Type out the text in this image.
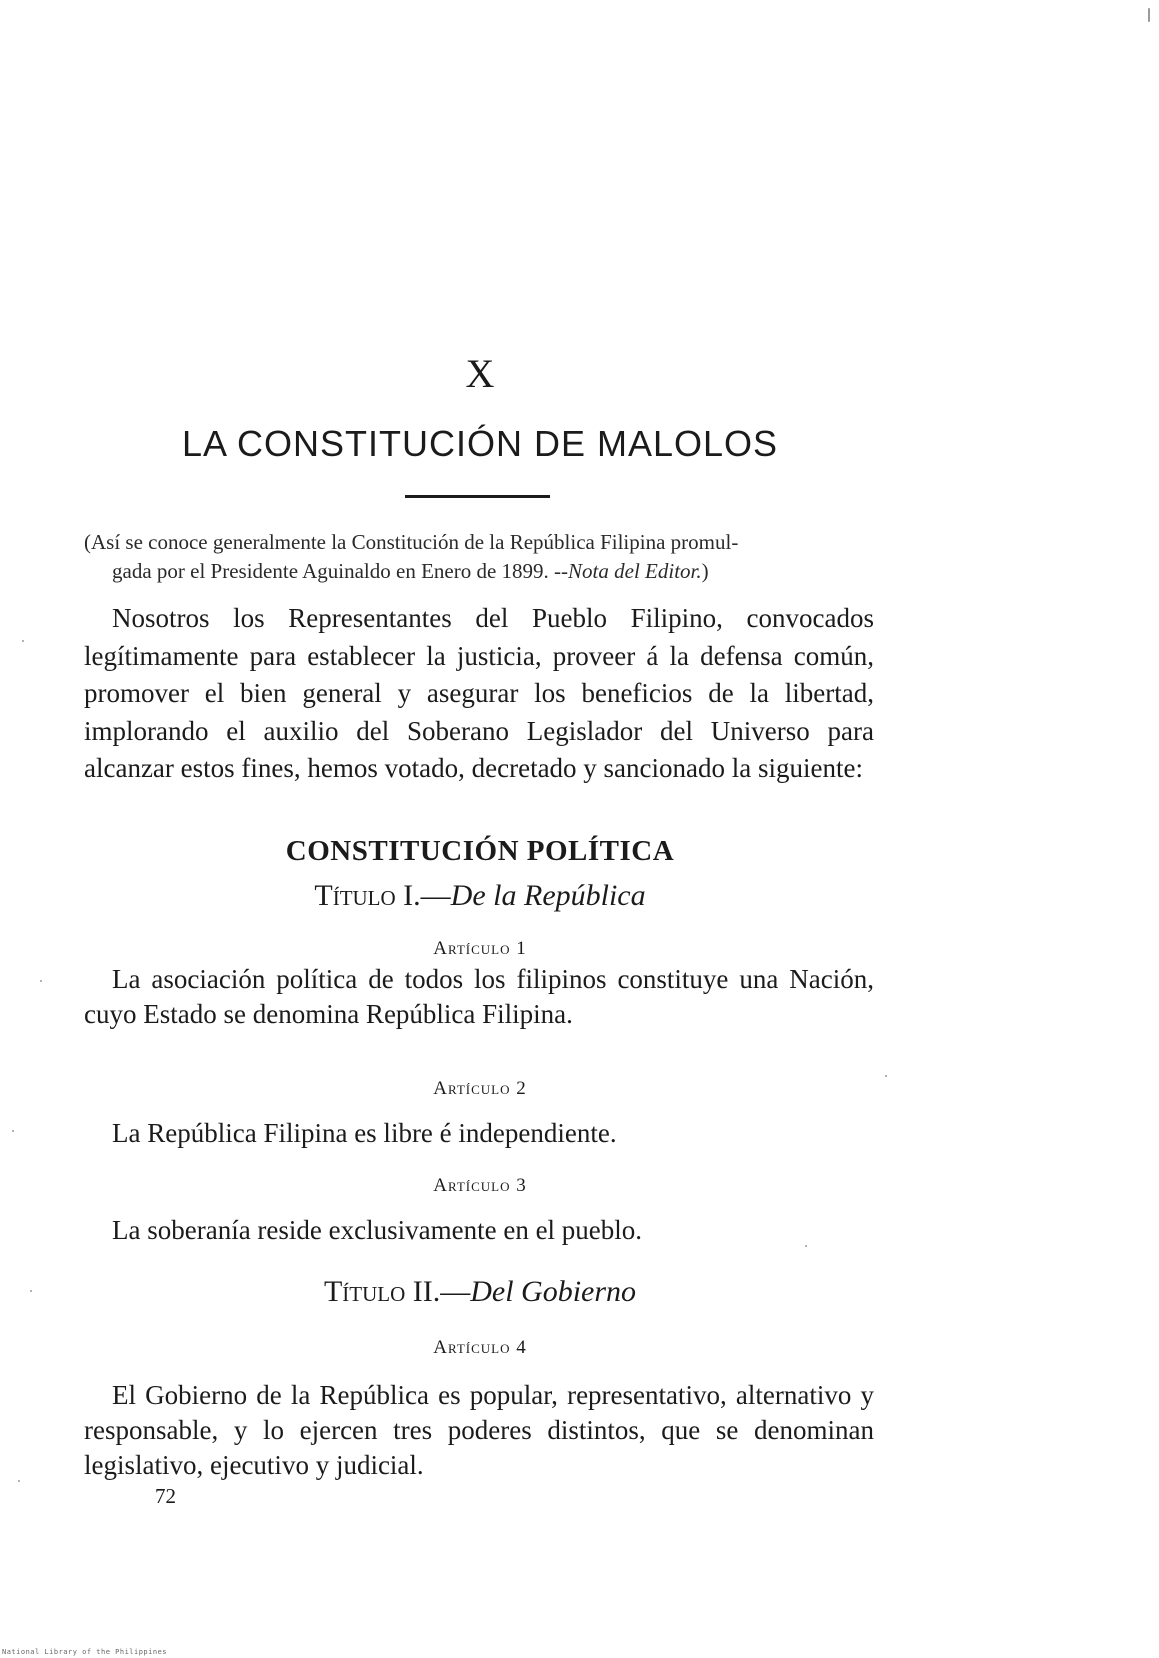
X
LA CONSTITUCIÓN DE MALOLOS
(Así se conoce generalmente la Constitución de la República Filipina promul-
gada por el Presidente Aguinaldo en Enero de 1899. --Nota del Editor.)

Nosotros los Representantes del Pueblo Filipino, convocados legítimamente para establecer la justicia, proveer á la defensa común, promover el bien general y asegurar los beneficios de la libertad, implorando el auxilio del Soberano Legislador del Universo para alcanzar estos fines, hemos votado, decretado y sancionado la siguiente:

CONSTITUCIÓN POLÍTICA
Título I.—De la República
Artículo 1

La asociación política de todos los filipinos constituye una Nación, cuyo Estado se denomina República Filipina.

Artículo 2

La República Filipina es libre é independiente.

Artículo 3

La soberanía reside exclusivamente en el pueblo.

Título II.—Del Gobierno
Artículo 4

El Gobierno de la República es popular, representativo, alternativo y responsable, y lo ejercen tres poderes distintos, que se denominan legislativo, ejecutivo y judicial.

72
National Library of the Philippines
